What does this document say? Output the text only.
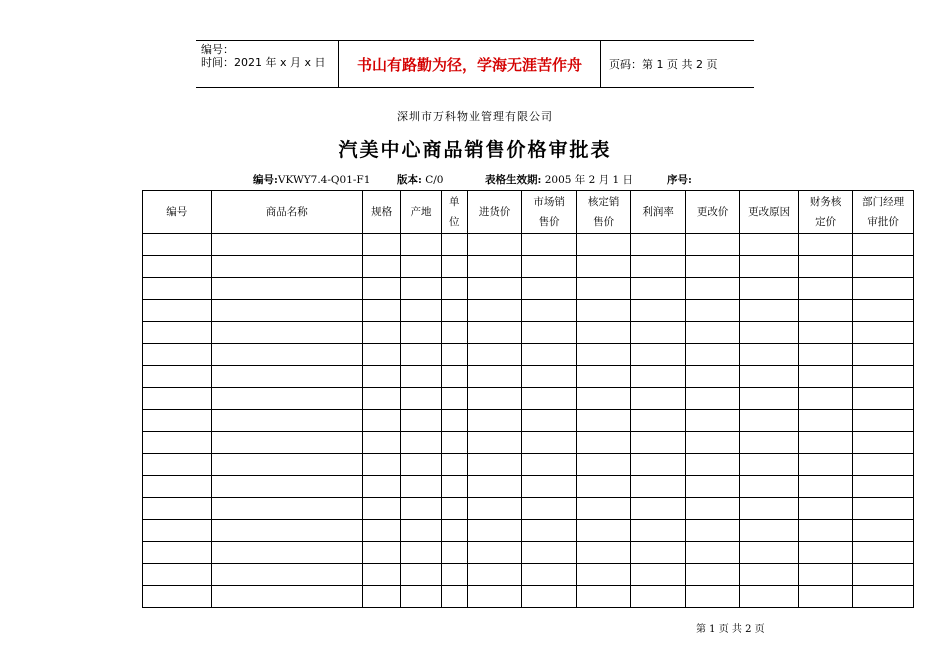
编号：
时间：2021 年 x 月 x 日	书山有路勤为径，学海无涯苦作舟	页码：第 1 页 共 2 页
深圳市万科物业管理有限公司
汽美中心商品销售价格审批表
编号:VKWY7.4-Q01-F1	版本: C/0	表格生效期: 2005 年 2 月 1 日	序号:
编号	商品名称	规格	产地	单位	进货价	市场销售价	核定销售价	利润率	更改价	更改原因	财务核定价	部门经理审批价

第 1 页 共 2 页
